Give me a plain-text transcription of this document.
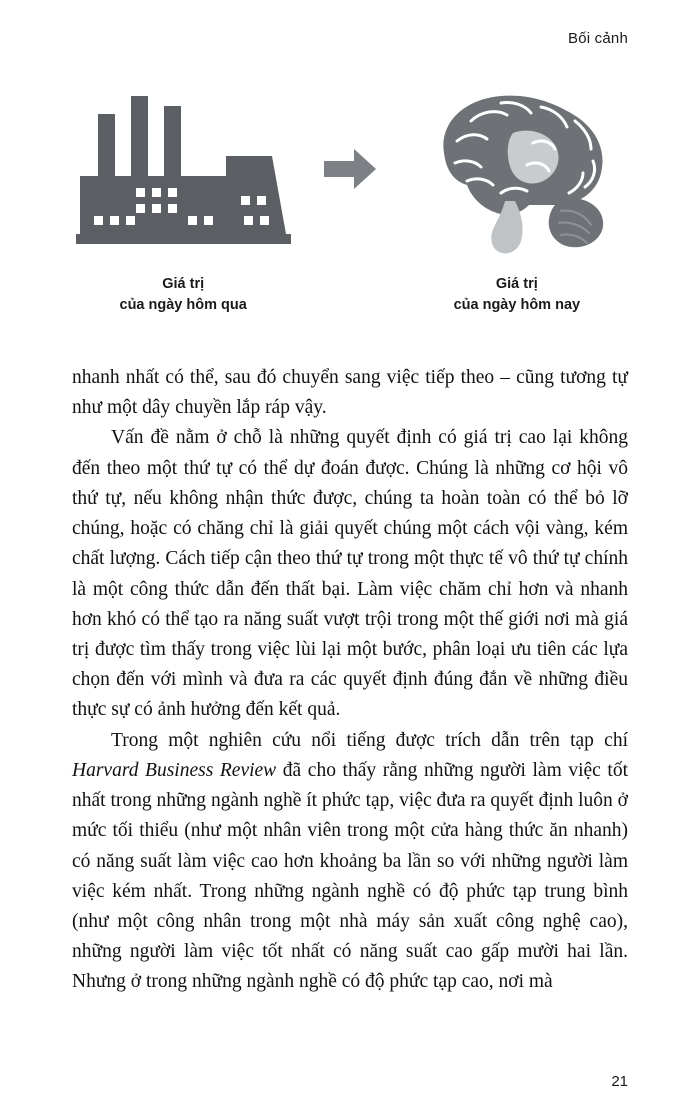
Bối cảnh
Giá trị
của ngày hôm qua
Giá trị
của ngày hôm nay

nhanh nhất có thể, sau đó chuyển sang việc tiếp theo – cũng tương tự như một dây chuyền lắp ráp vậy.

Vấn đề nằm ở chỗ là những quyết định có giá trị cao lại không đến theo một thứ tự có thể dự đoán được. Chúng là những cơ hội vô thứ tự, nếu không nhận thức được, chúng ta hoàn toàn có thể bỏ lỡ chúng, hoặc có chăng chỉ là giải quyết chúng một cách vội vàng, kém chất lượng. Cách tiếp cận theo thứ tự trong một thực tế vô thứ tự chính là một công thức dẫn đến thất bại. Làm việc chăm chỉ hơn và nhanh hơn khó có thể tạo ra năng suất vượt trội trong một thế giới nơi mà giá trị được tìm thấy trong việc lùi lại một bước, phân loại ưu tiên các lựa chọn đến với mình và đưa ra các quyết định đúng đắn về những điều thực sự có ảnh hưởng đến kết quả.

Trong một nghiên cứu nổi tiếng được trích dẫn trên tạp chí Harvard Business Review đã cho thấy rằng những người làm việc tốt nhất trong những ngành nghề ít phức tạp, việc đưa ra quyết định luôn ở mức tối thiểu (như một nhân viên trong một cửa hàng thức ăn nhanh) có năng suất làm việc cao hơn khoảng ba lần so với những người làm việc kém nhất. Trong những ngành nghề có độ phức tạp trung bình (như một công nhân trong một nhà máy sản xuất công nghệ cao), những người làm việc tốt nhất có năng suất cao gấp mười hai lần. Nhưng ở trong những ngành nghề có độ phức tạp cao, nơi mà

21
